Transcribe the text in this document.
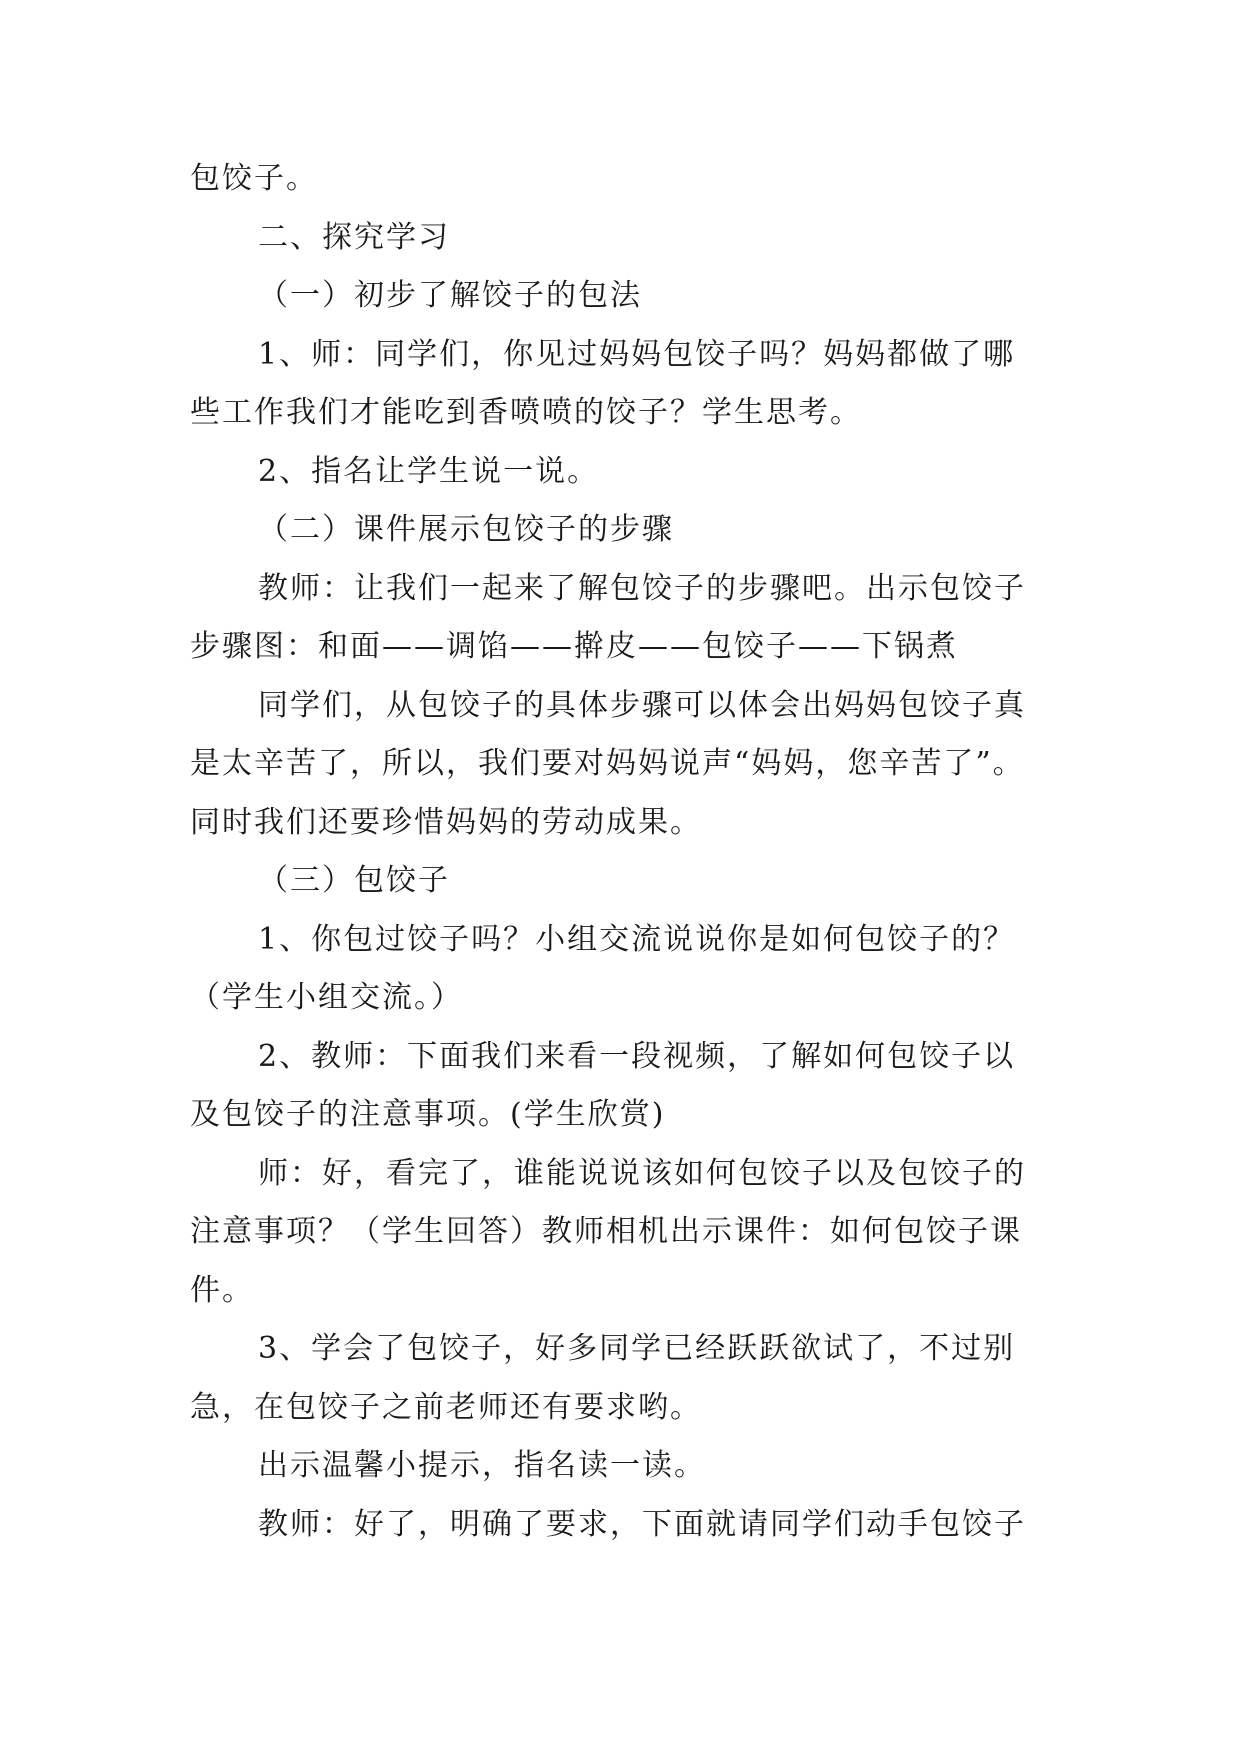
包饺子。
二、探究学习
（一）初步了解饺子的包法
1、师：同学们，你见过妈妈包饺子吗？妈妈都做了哪
些工作我们才能吃到香喷喷的饺子？学生思考。
2、指名让学生说一说。
（二）课件展示包饺子的步骤
教师：让我们一起来了解包饺子的步骤吧。出示包饺子
步骤图：和面——调馅——擀皮——包饺子——下锅煮
同学们，从包饺子的具体步骤可以体会出妈妈包饺子真
是太辛苦了，所以，我们要对妈妈说声“妈妈，您辛苦了”。
同时我们还要珍惜妈妈的劳动成果。
（三）包饺子
1、你包过饺子吗？小组交流说说你是如何包饺子的？
（学生小组交流。）
2、教师：下面我们来看一段视频，了解如何包饺子以
及包饺子的注意事项。(学生欣赏)
师：好，看完了，谁能说说该如何包饺子以及包饺子的
注意事项？（学生回答）教师相机出示课件：如何包饺子课
件。
3、学会了包饺子，好多同学已经跃跃欲试了，不过别
急，在包饺子之前老师还有要求哟。
出示温馨小提示，指名读一读。
教师：好了，明确了要求，下面就请同学们动手包饺子
